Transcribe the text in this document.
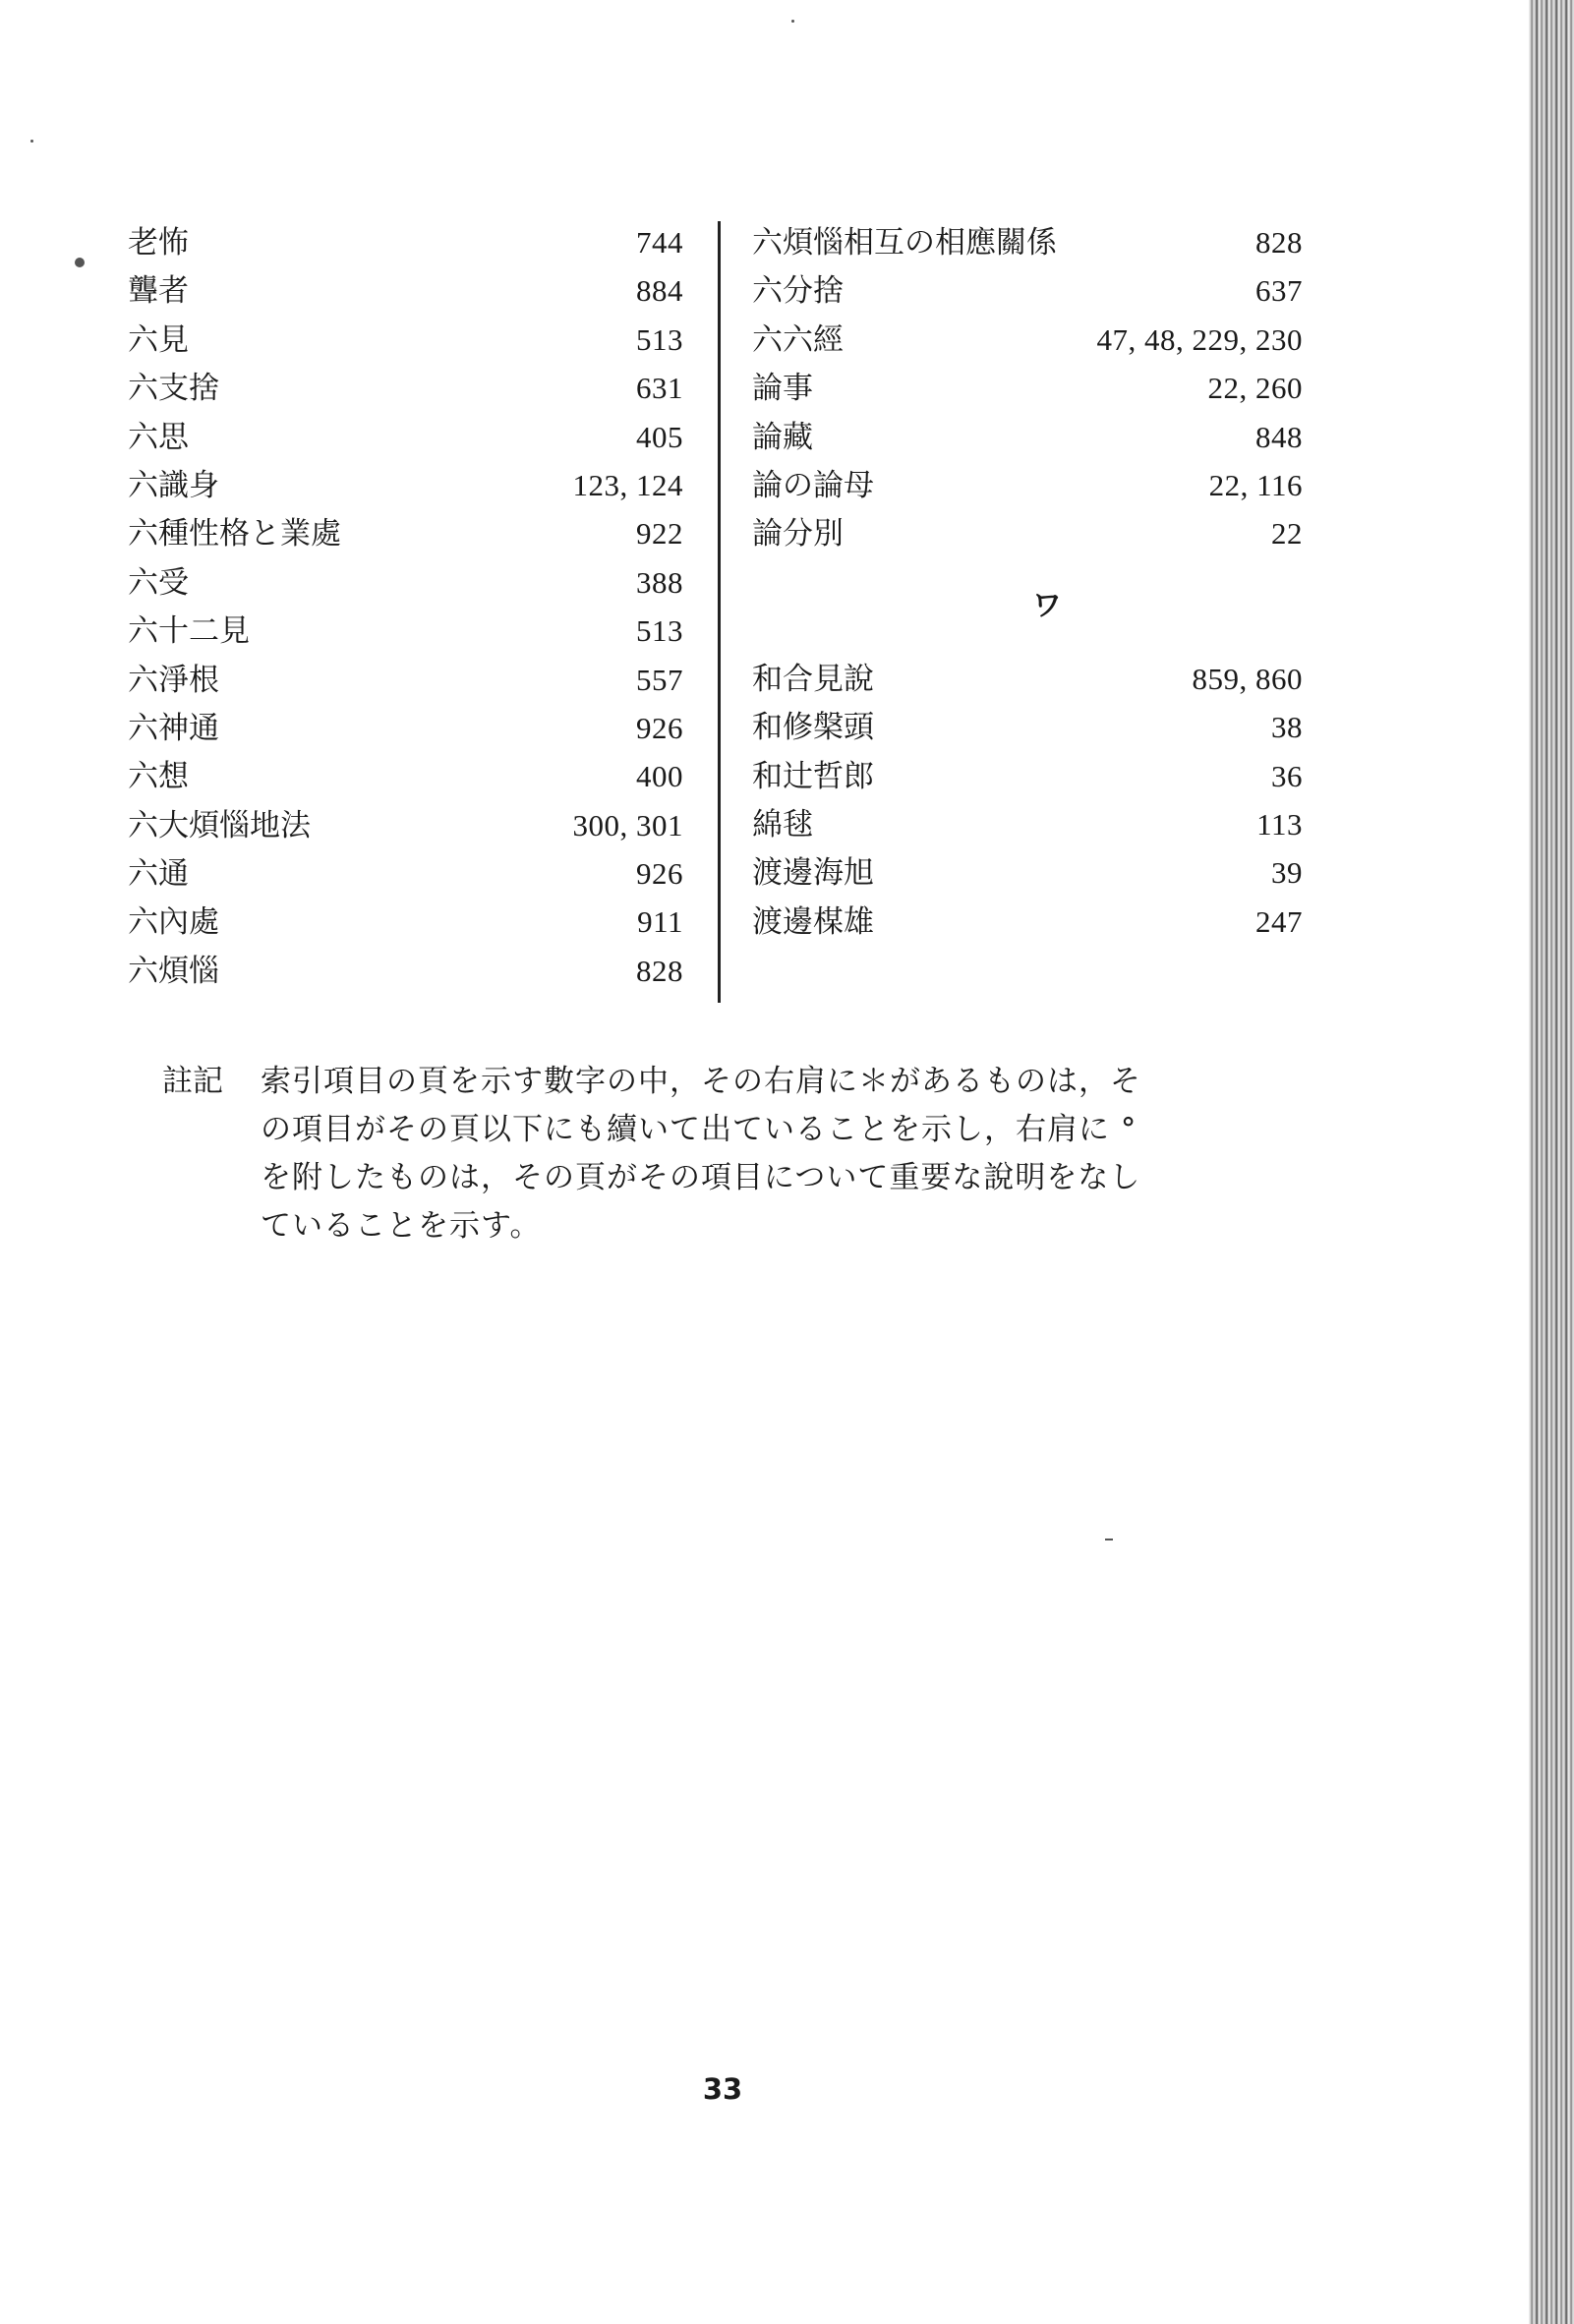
老怖	744
聾者	884
六見	513
六支捨	631
六思	405
六識身	123, 124
六種性格と業處	922
六受	388
六十二見	513
六淨根	557
六神通	926
六想	400
六大煩惱地法	300, 301
六通	926
六內處	911
六煩惱	828
六煩惱相互の相應關係	828
六分捨	637
六六經	47, 48, 229, 230
論事	22, 260
論藏	848
論の論母	22, 116
論分別	22
ワ
和合見說	859, 860
和修槃頭	38
和辻哲郎	36
綿毬	113
渡邊海旭	39
渡邊楳雄	247
註記	索引項目の頁を示す數字の中，その右肩に＊があるものは，その項目がその頁以下にも續いて出ていることを示し，右肩に °を附したものは，その頁がその項目について重要な說明をなしていることを示す。
33
